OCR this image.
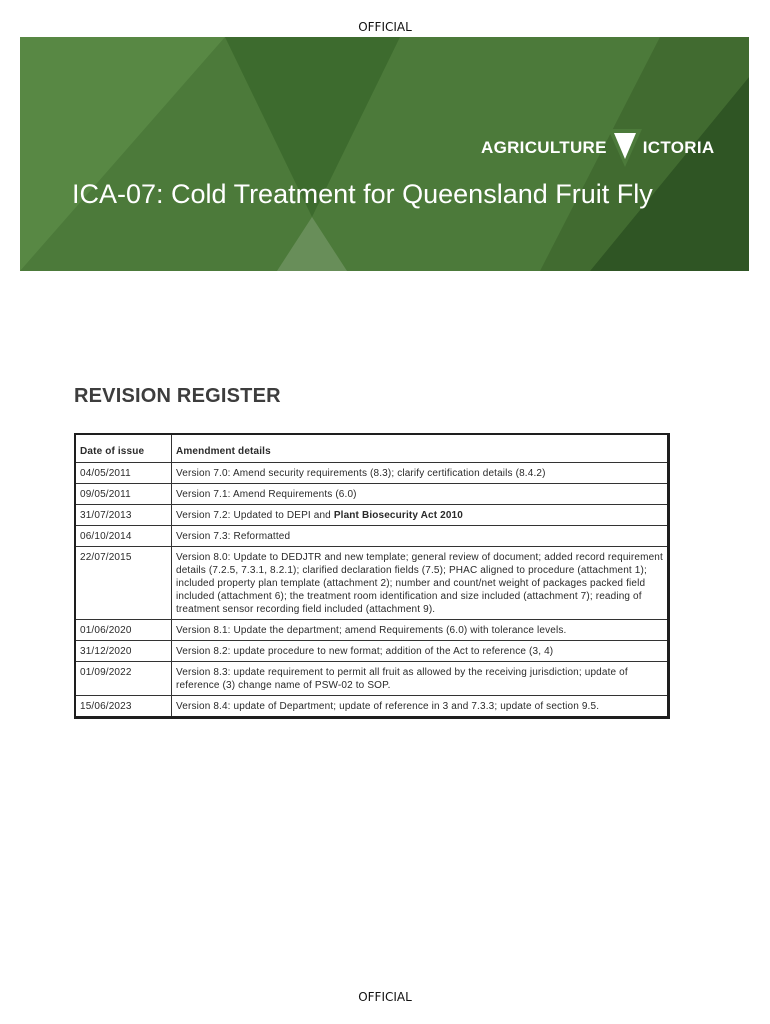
OFFICIAL
AGRICULTURE ICTORIA
ICA-07: Cold Treatment for Queensland Fruit Fly
REVISION REGISTER
Date of issue	Amendment details
04/05/2011	Version 7.0: Amend security requirements (8.3); clarify certification details (8.4.2)
09/05/2011	Version 7.1: Amend Requirements (6.0)
31/07/2013	Version 7.2: Updated to DEPI and Plant Biosecurity Act 2010
06/10/2014	Version 7.3: Reformatted
22/07/2015	Version 8.0: Update to DEDJTR and new template; general review of document; added record requirement details (7.2.5, 7.3.1, 8.2.1); clarified declaration fields (7.5); PHAC aligned to procedure (attachment 1); included property plan template (attachment 2); number and count/net weight of packages packed field included (attachment 6); the treatment room identification and size included (attachment 7); reading of treatment sensor recording field included (attachment 9).
01/06/2020	Version 8.1: Update the department; amend Requirements (6.0) with tolerance levels.
31/12/2020	Version 8.2: update procedure to new format; addition of the Act to reference (3, 4)
01/09/2022	Version 8.3: update requirement to permit all fruit as allowed by the receiving jurisdiction; update of reference (3) change name of PSW-02 to SOP.
15/06/2023	Version 8.4: update of Department; update of reference in 3 and 7.3.3; update of section 9.5.
OFFICIAL
